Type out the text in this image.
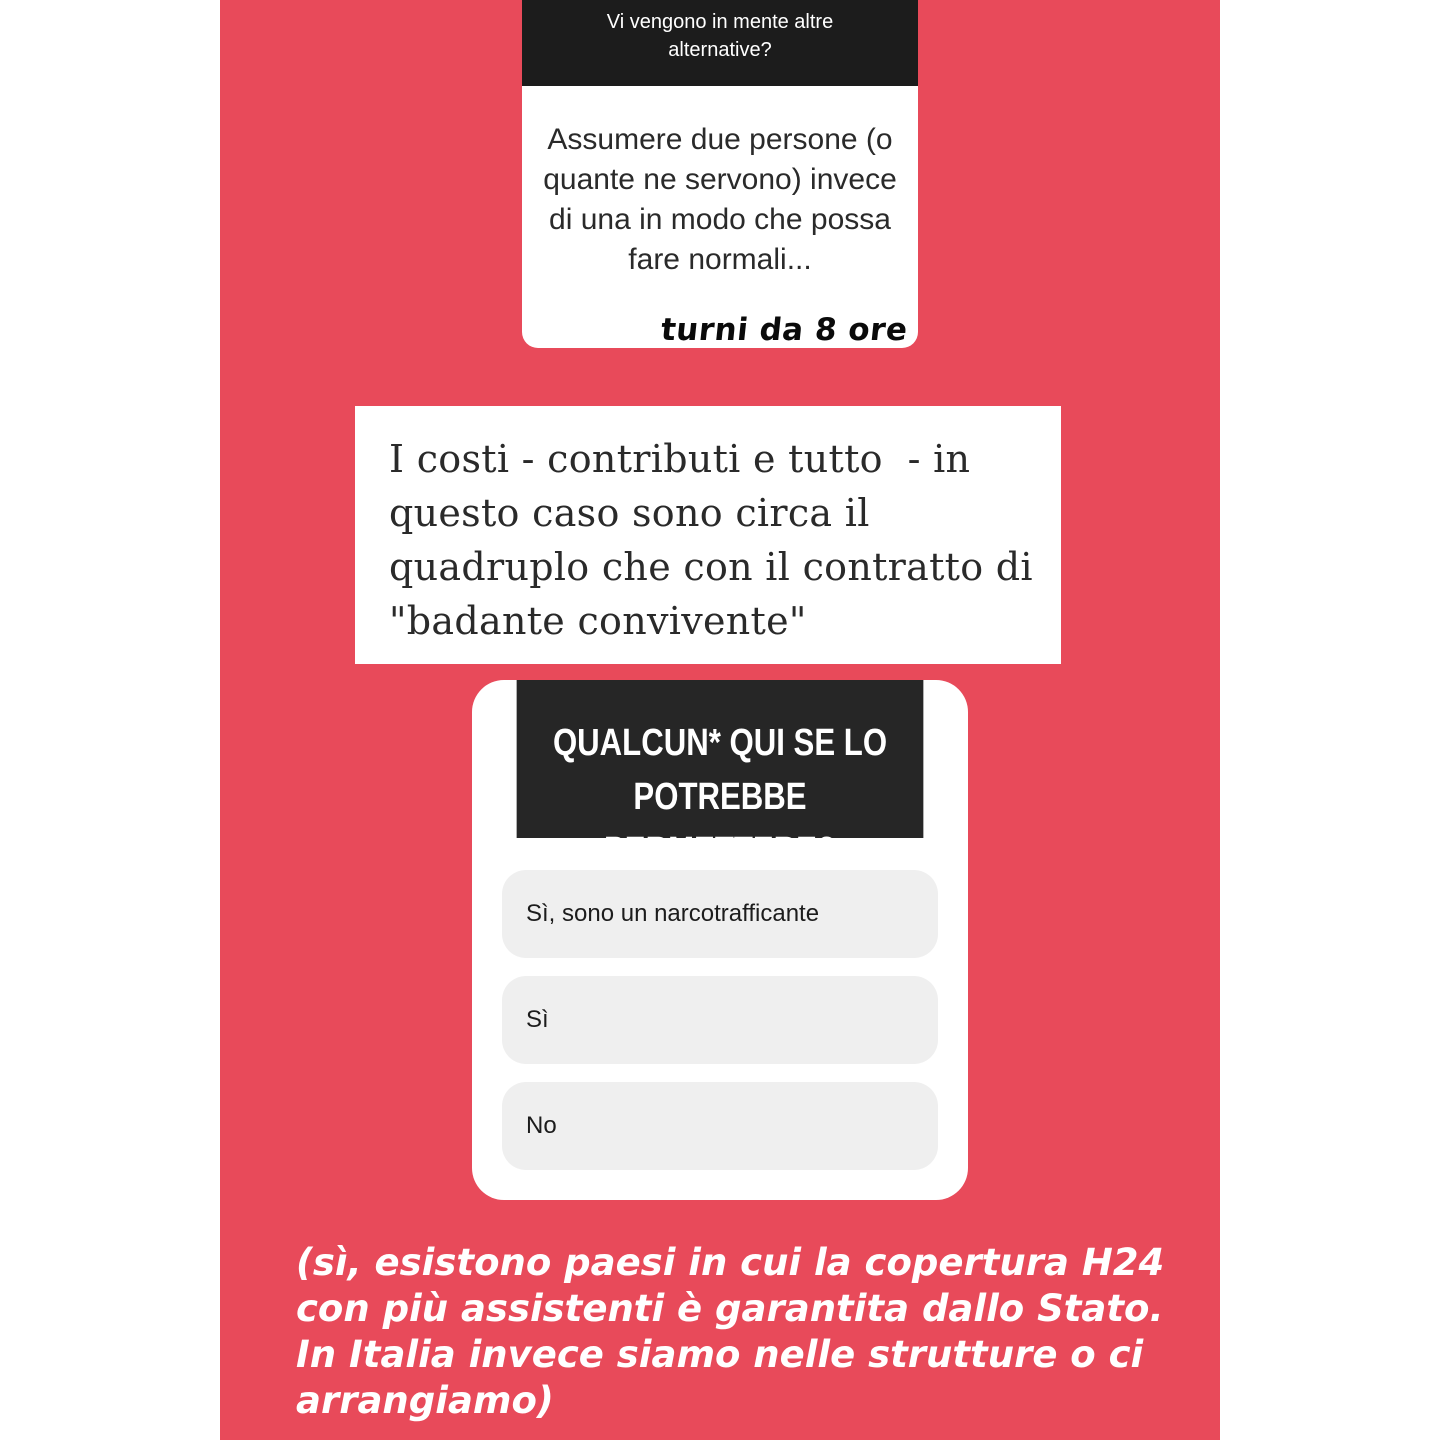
Vi vengono in mente altre alternative?
Assumere due persone (o quante ne servono) invece di una in modo che possa fare normali...
turni da 8 ore
I costi - contributi e tutto  - in questo caso sono circa il quadruplo che con il contratto di "badante convivente"
QUALCUN* QUI SE LO
POTREBBE PERMETTERE?
Sì, sono un narcotrafficante
Sì
No
(sì, esistono paesi in cui la copertura H24 con più assistenti è garantita dallo Stato. In Italia invece siamo nelle strutture o ci arrangiamo)
